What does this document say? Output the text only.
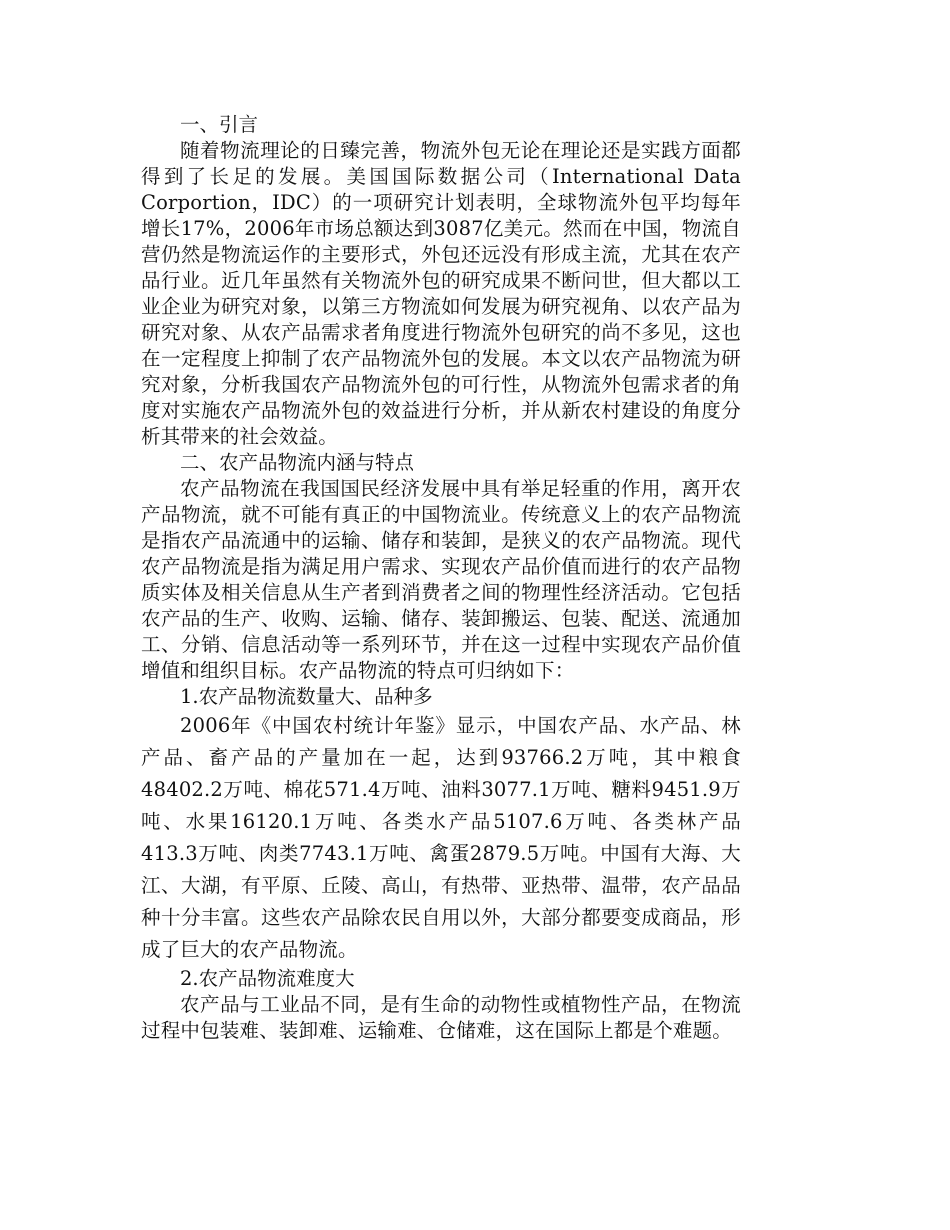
一、引言

随着物流理论的日臻完善，物流外包无论在理论还是实践方面都得到了长足的发展。美国国际数据公司（International Data Corportion，IDC）的一项研究计划表明，全球物流外包平均每年增长17%，2006年市场总额达到3087亿美元。然而在中国，物流自营仍然是物流运作的主要形式，外包还远没有形成主流，尤其在农产品行业。近几年虽然有关物流外包的研究成果不断问世，但大都以工业企业为研究对象，以第三方物流如何发展为研究视角、以农产品为研究对象、从农产品需求者角度进行物流外包研究的尚不多见，这也在一定程度上抑制了农产品物流外包的发展。本文以农产品物流为研究对象，分析我国农产品物流外包的可行性，从物流外包需求者的角度对实施农产品物流外包的效益进行分析，并从新农村建设的角度分析其带来的社会效益。

二、农产品物流内涵与特点

农产品物流在我国国民经济发展中具有举足轻重的作用，离开农产品物流，就不可能有真正的中国物流业。传统意义上的农产品物流是指农产品流通中的运输、储存和装卸，是狭义的农产品物流。现代农产品物流是指为满足用户需求、实现农产品价值而进行的农产品物质实体及相关信息从生产者到消费者之间的物理性经济活动。它包括农产品的生产、收购、运输、储存、装卸搬运、包装、配送、流通加工、分销、信息活动等一系列环节，并在这一过程中实现农产品价值增值和组织目标。农产品物流的特点可归纳如下：

1.农产品物流数量大、品种多

2006年《中国农村统计年鉴》显示，中国农产品、水产品、林产品、畜产品的产量加在一起，达到93766.2万吨，其中粮食48402.2万吨、棉花571.4万吨、油料3077.1万吨、糖料9451.9万吨、水果16120.1万吨、各类水产品5107.6万吨、各类林产品413.3万吨、肉类7743.1万吨、禽蛋2879.5万吨。中国有大海、大江、大湖，有平原、丘陵、高山，有热带、亚热带、温带，农产品品种十分丰富。这些农产品除农民自用以外，大部分都要变成商品，形成了巨大的农产品物流。

2.农产品物流难度大

农产品与工业品不同，是有生命的动物性或植物性产品，在物流过程中包装难、装卸难、运输难、仓储难，这在国际上都是个难题。
